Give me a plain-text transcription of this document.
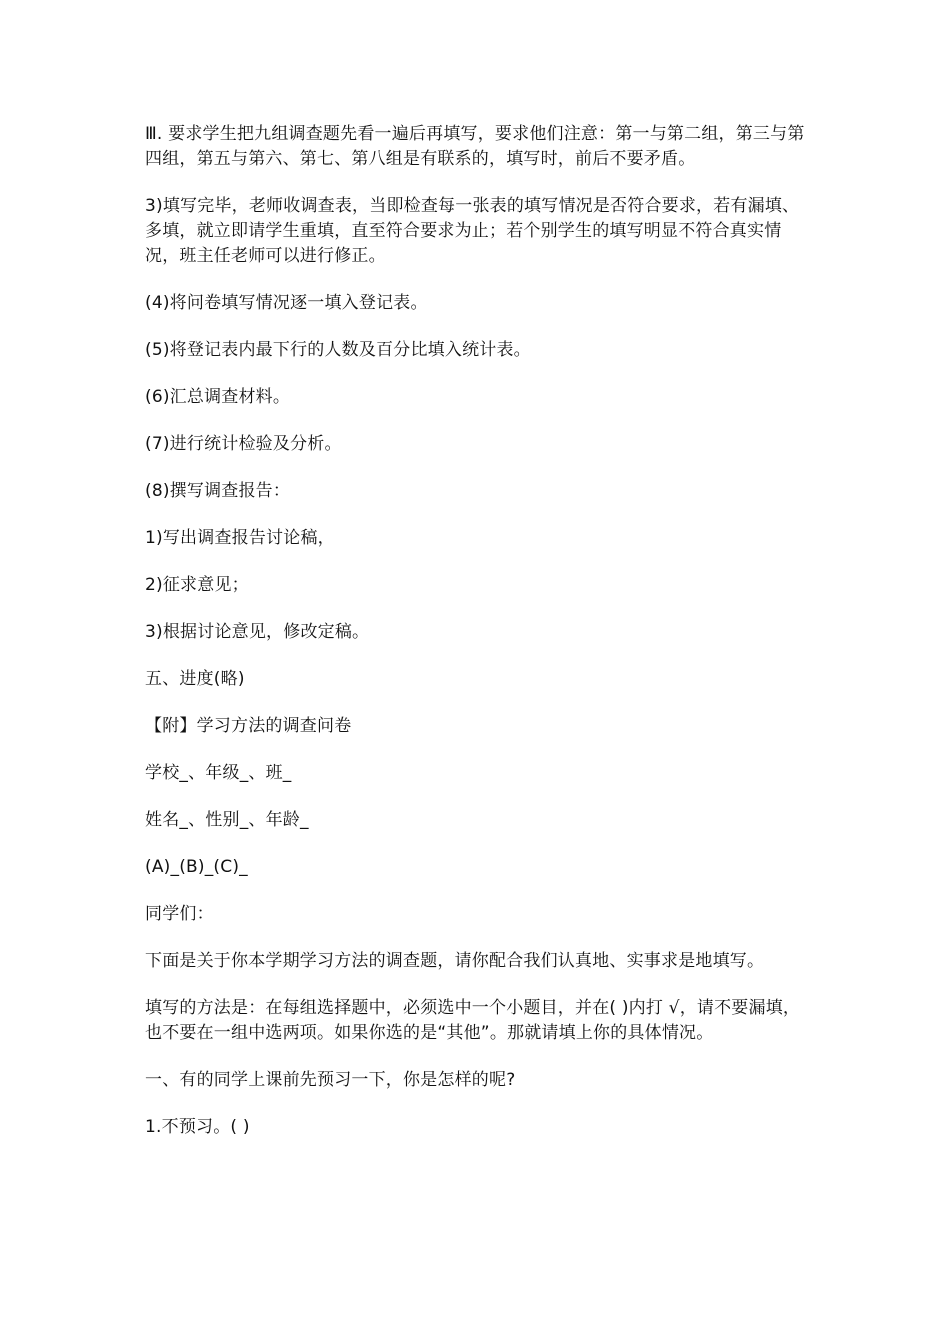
Ⅲ. 要求学生把九组调查题先看一遍后再填写，要求他们注意：第一与第二组，第三与第四组，第五与第六、第七、第八组是有联系的，填写时，前后不要矛盾。

3)填写完毕，老师收调查表，当即检查每一张表的填写情况是否符合要求，若有漏填、多填，就立即请学生重填，直至符合要求为止；若个别学生的填写明显不符合真实情况，班主任老师可以进行修正。

(4)将问卷填写情况逐一填入登记表。

(5)将登记表内最下行的人数及百分比填入统计表。

(6)汇总调查材料。

(7)进行统计检验及分析。

(8)撰写调查报告：

1)写出调查报告讨论稿，

2)征求意见；

3)根据讨论意见，修改定稿。

五、进度(略)

【附】学习方法的调查问卷

学校_、年级_、班_

姓名_、性别_、年龄_

(A)_(B)_(C)_

同学们：

下面是关于你本学期学习方法的调查题，请你配合我们认真地、实事求是地填写。

填写的方法是：在每组选择题中，必须选中一个小题目，并在( )内打 √，请不要漏填，也不要在一组中选两项。如果你选的是“其他”。那就请填上你的具体情况。

一、有的同学上课前先预习一下，你是怎样的呢?

1.不预习。( )
